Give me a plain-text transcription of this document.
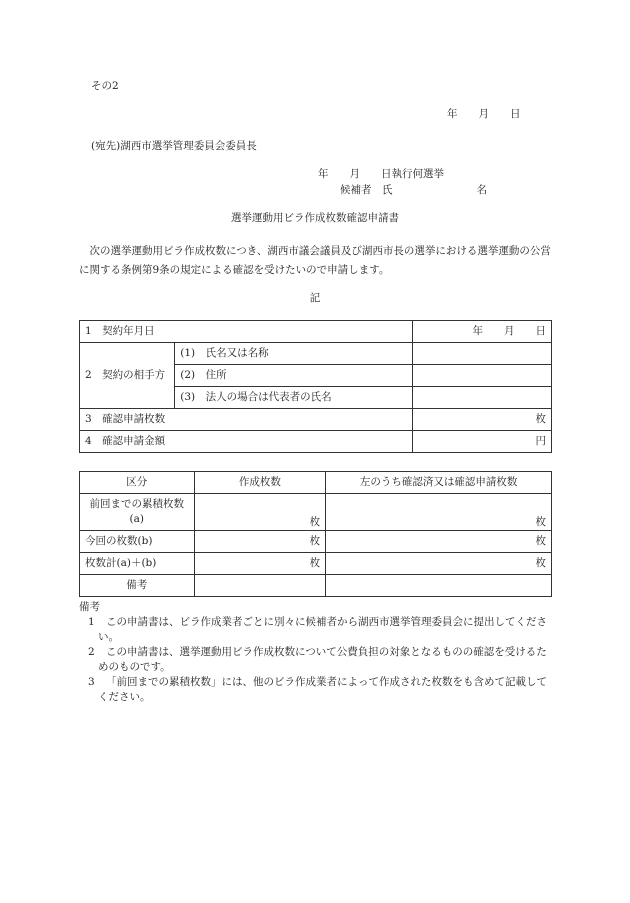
その2
年　　月　　日
(宛先)湖西市選挙管理委員会委員長
年　　月　　日執行何選挙
候補者　氏　　　　　　　　名
選挙運動用ビラ作成枚数確認申請書

次の選挙運動用ビラ作成枚数につき、湖西市議会議員及び湖西市長の選挙における選挙運動の公営に関する条例第9条の規定による確認を受けたいので申請します。

記
1　契約年月日		年　　月　　日
2　契約の相手方	(1)　氏名又は名称	
	(2)　住所	
	(3)　法人の場合は代表者の氏名	
3　確認申請枚数		枚
4　確認申請金額		円
区分	作成枚数	左のうち確認済又は確認申請枚数
前回までの累積枚数
(a)	枚	枚
今回の枚数(b)	枚	枚
枚数計(a)＋(b)	枚	枚
備考		
備考
1 この申請書は、ビラ作成業者ごとに別々に候補者から湖西市選挙管理委員会に提出してください。
2 この申請書は、選挙運動用ビラ作成枚数について公費負担の対象となるものの確認を受けるためのものです。
3 「前回までの累積枚数」には、他のビラ作成業者によって作成された枚数をも含めて記載してください。
